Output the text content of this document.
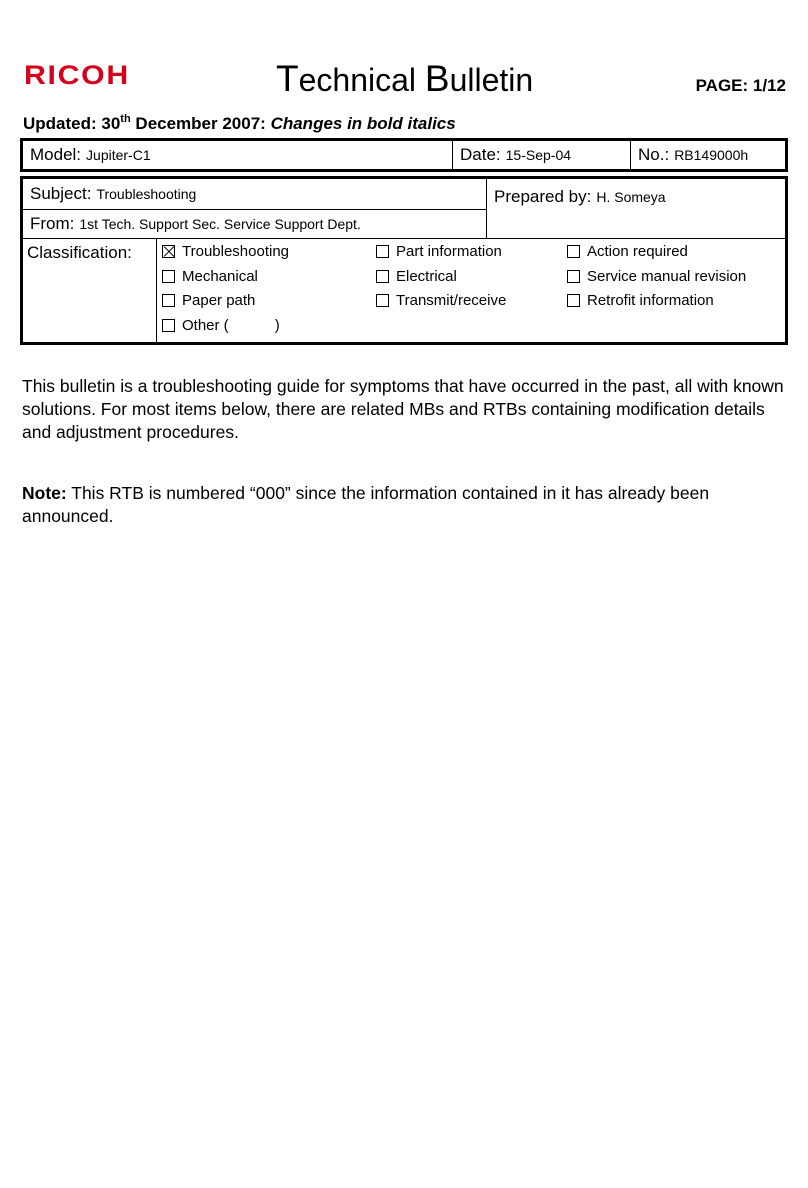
RICOH	Technical Bulletin	PAGE: 1/12
Updated: 30th December 2007: Changes in bold italics
Model: Jupiter-C1	Date: 15-Sep-04	No.: RB149000h
Subject: Troubleshooting
From: 1st Tech. Support Sec. Service Support Dept.
Prepared by: H. Someya
Classification:	Troubleshooting	Part information	Action required
Mechanical	Electrical	Service manual revision
Paper path	Transmit/receive	Retrofit information
Other (	)

This bulletin is a troubleshooting guide for symptoms that have occurred in the past, all with known solutions. For most items below, there are related MBs and RTBs containing modification details and adjustment procedures.

Note: This RTB is numbered “000” since the information contained in it has already been announced.
